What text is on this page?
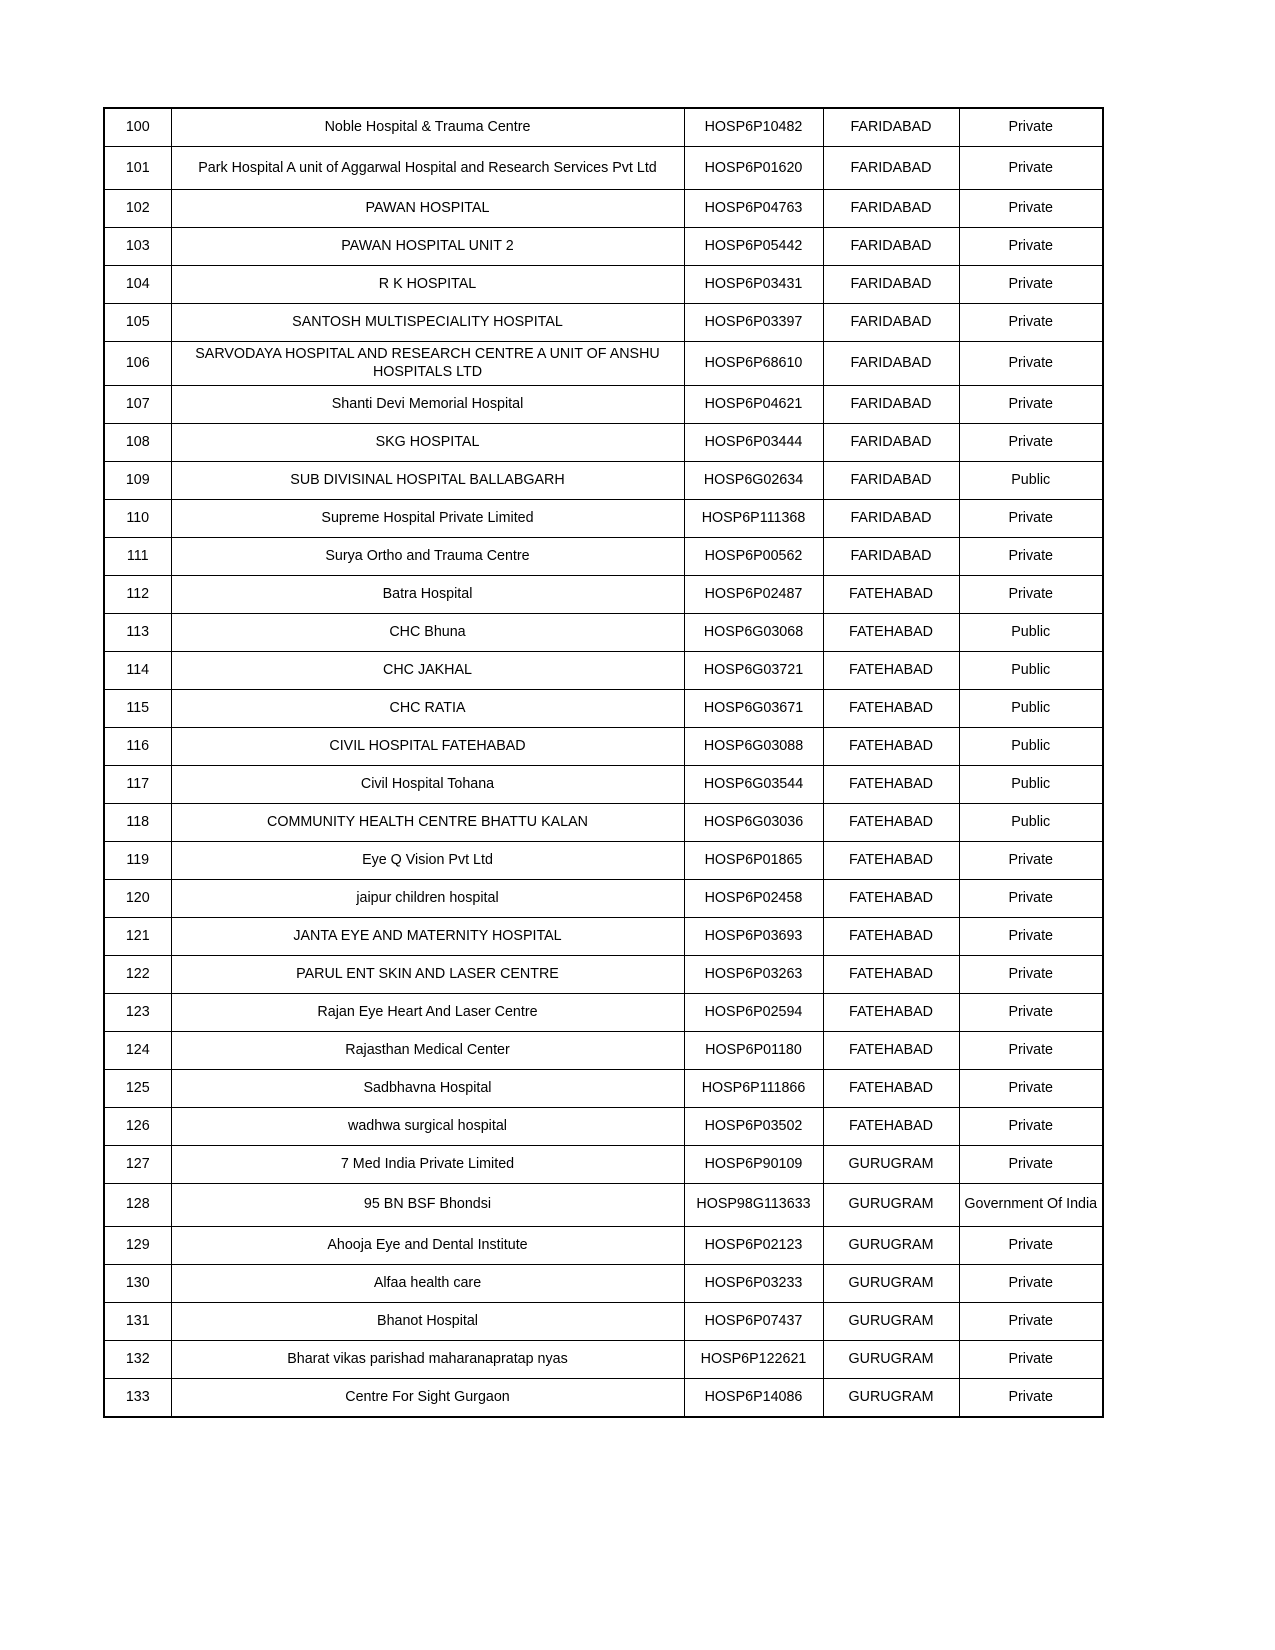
100	Noble Hospital & Trauma Centre	HOSP6P10482	FARIDABAD	Private
101	Park Hospital A unit of Aggarwal Hospital and Research Services Pvt Ltd	HOSP6P01620	FARIDABAD	Private
102	PAWAN HOSPITAL	HOSP6P04763	FARIDABAD	Private
103	PAWAN HOSPITAL UNIT 2	HOSP6P05442	FARIDABAD	Private
104	R K HOSPITAL	HOSP6P03431	FARIDABAD	Private
105	SANTOSH MULTISPECIALITY HOSPITAL	HOSP6P03397	FARIDABAD	Private
106	SARVODAYA HOSPITAL AND RESEARCH CENTRE A UNIT OF ANSHU HOSPITALS LTD	HOSP6P68610	FARIDABAD	Private
107	Shanti Devi Memorial Hospital	HOSP6P04621	FARIDABAD	Private
108	SKG HOSPITAL	HOSP6P03444	FARIDABAD	Private
109	SUB DIVISINAL HOSPITAL BALLABGARH	HOSP6G02634	FARIDABAD	Public
110	Supreme Hospital Private Limited	HOSP6P111368	FARIDABAD	Private
111	Surya Ortho and Trauma Centre	HOSP6P00562	FARIDABAD	Private
112	Batra Hospital	HOSP6P02487	FATEHABAD	Private
113	CHC Bhuna	HOSP6G03068	FATEHABAD	Public
114	CHC JAKHAL	HOSP6G03721	FATEHABAD	Public
115	CHC RATIA	HOSP6G03671	FATEHABAD	Public
116	CIVIL HOSPITAL FATEHABAD	HOSP6G03088	FATEHABAD	Public
117	Civil Hospital Tohana	HOSP6G03544	FATEHABAD	Public
118	COMMUNITY HEALTH CENTRE BHATTU KALAN	HOSP6G03036	FATEHABAD	Public
119	Eye Q Vision Pvt Ltd	HOSP6P01865	FATEHABAD	Private
120	jaipur children hospital	HOSP6P02458	FATEHABAD	Private
121	JANTA EYE AND MATERNITY HOSPITAL	HOSP6P03693	FATEHABAD	Private
122	PARUL ENT SKIN AND LASER CENTRE	HOSP6P03263	FATEHABAD	Private
123	Rajan Eye Heart And Laser Centre	HOSP6P02594	FATEHABAD	Private
124	Rajasthan Medical Center	HOSP6P01180	FATEHABAD	Private
125	Sadbhavna Hospital	HOSP6P111866	FATEHABAD	Private
126	wadhwa surgical hospital	HOSP6P03502	FATEHABAD	Private
127	7 Med India Private Limited	HOSP6P90109	GURUGRAM	Private
128	95 BN BSF Bhondsi	HOSP98G113633	GURUGRAM	Government Of India
129	Ahooja Eye and Dental Institute	HOSP6P02123	GURUGRAM	Private
130	Alfaa health care	HOSP6P03233	GURUGRAM	Private
131	Bhanot Hospital	HOSP6P07437	GURUGRAM	Private
132	Bharat vikas parishad maharanapratap nyas	HOSP6P122621	GURUGRAM	Private
133	Centre For Sight Gurgaon	HOSP6P14086	GURUGRAM	Private
